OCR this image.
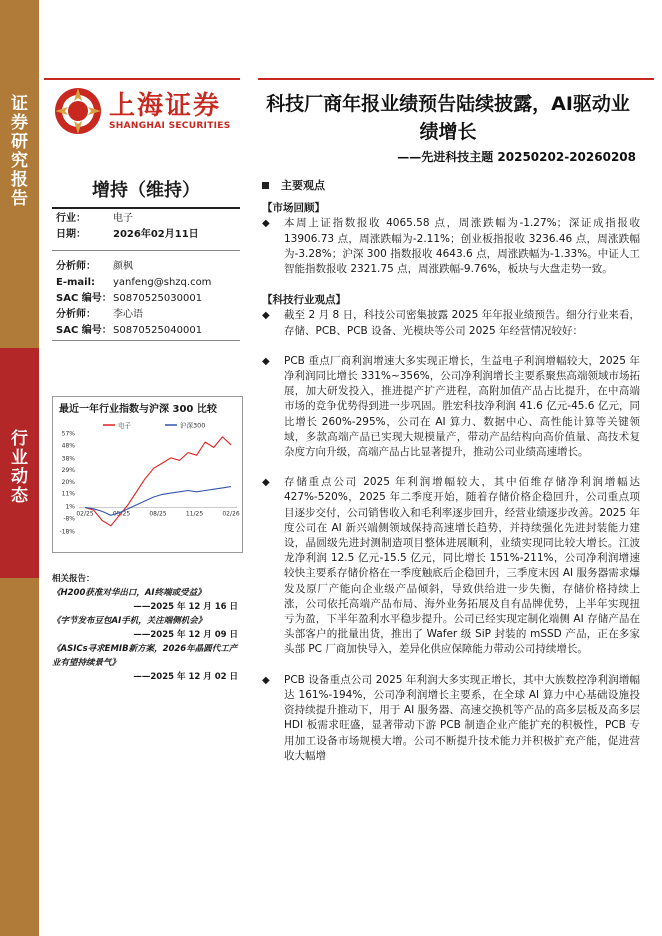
证
券
研
究
报
告
行
业
动
态
上海证券
SHANGHAI SECURITIES
科技厂商年报业绩预告陆续披露，AI驱动业绩增长
——先进科技主题 20250202-20260208
增持（维持）
行业：	电子
日期：	2026年02月11日
分析师：	颜枫
E-mail:	yanfeng@shzq.com
SAC 编号： S0870525030001
分析师：	李心语
SAC 编号： S0870525040001
最近一年行业指数与沪深 300 比较
57%
48%
38%
29%
20%
11%
1%
-8%
-18%
02/25	05/25	08/25	11/25	02/26
电子	沪深300
相关报告：
《H200获准对华出口，AI终端或受益》
——2025 年 12 月 16 日
《字节发布豆包AI手机，关注端侧机会》
——2025 年 12 月 09 日
《ASICs寻求EMIB新方案，2026年晶圆代工产业有望持续景气》
——2025 年 12 月 02 日
主要观点
【市场回顾】
◆	本周上证指数报收 4065.58 点，周涨跌幅为-1.27%；深证成指报收 13906.73 点，周涨跌幅为-2.11%；创业板指报收 3236.46 点，周涨跌幅为-3.28%；沪深 300 指数报收 4643.6 点，周涨跌幅为-1.33%。中证人工智能指数报收 2321.75 点，周涨跌幅-9.76%，板块与大盘走势一致。
【科技行业观点】
◆	截至 2 月 8 日，科技公司密集披露 2025 年年报业绩预告。细分行业来看，存储、PCB、PCB 设备、光模块等公司 2025 年经营情况较好：
◆	PCB 重点厂商利润增速大多实现正增长，生益电子利润增幅较大，2025 年净利润同比增长 331%~356%，公司净利润增长主要系聚焦高端领域市场拓展，加大研发投入，推进提产扩产进程，高附加值产品占比提升，在中高端市场的竞争优势得到进一步巩固。胜宏科技净利润 41.6 亿元-45.6 亿元，同比增长 260%-295%，公司在 AI 算力、数据中心、高性能计算等关键领域，多款高端产品已实现大规模量产，带动产品结构向高价值量、高技术复杂度方向升级，高端产品占比显著提升，推动公司业绩高速增长。
◆	存储重点公司 2025 年利润增幅较大，其中佰维存储净利润增幅达 427%-520%，2025 年二季度开始，随着存储价格企稳回升，公司重点项目逐步交付，公司销售收入和毛利率逐步回升，经营业绩逐步改善。2025 年度公司在 AI 新兴端侧领域保持高速增长趋势，并持续强化先进封装能力建设，晶圆级先进封测制造项目整体进展顺利，业绩实现同比较大增长。江波龙净利润 12.5 亿元-15.5 亿元，同比增长 151%-211%，公司净利润增速较快主要系存储价格在一季度触底后企稳回升，三季度末因 AI 服务器需求爆发及原厂产能向企业级产品倾斜，导致供给进一步失衡，存储价格持续上涨，公司依托高端产品布局、海外业务拓展及自有品牌优势，上半年实现扭亏为盈，下半年盈利水平稳步提升。公司已经实现定制化端侧 AI 存储产品在头部客户的批量出货，推出了 Wafer 级 SiP 封装的 mSSD 产品，正在多家头部 PC 厂商加快导入，差异化供应保障能力带动公司持续增长。
◆	PCB 设备重点公司 2025 年利润大多实现正增长，其中大族数控净利润增幅达 161%-194%，公司净利润增长主要系，在全球 AI 算力中心基础设施投资持续提升推动下，用于 AI 服务器、高速交换机等产品的高多层板及高多层 HDI 板需求旺盛，显著带动下游 PCB 制造企业产能扩充的积极性，PCB 专用加工设备市场规模大增。公司不断提升技术能力并积极扩充产能，促进营收大幅增
